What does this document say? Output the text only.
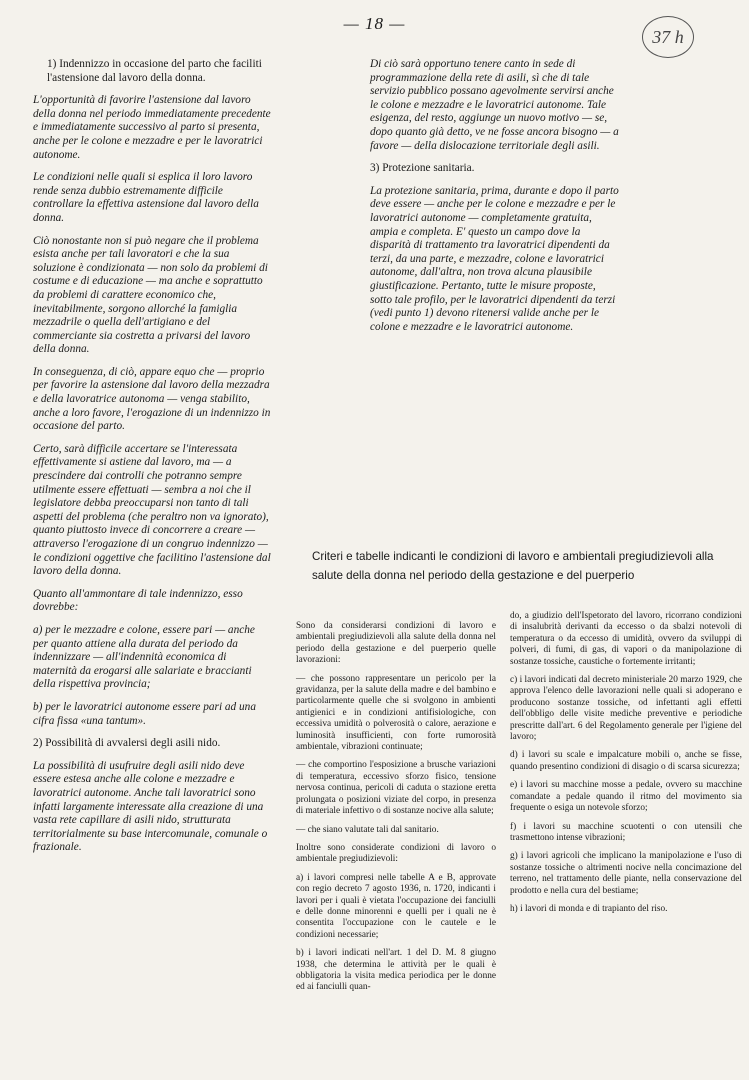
— 18 —
37 h

1) Indennizzo in occasione del parto che faciliti l'astensione dal lavoro della donna.

L'opportunità di favorire l'astensione dal lavoro della donna nel periodo immediatamente precedente e immediatamente successivo al parto si presenta, anche per le colone e mezzadre e per le lavoratrici autonome.

Le condizioni nelle quali si esplica il loro lavoro rende senza dubbio estremamente difficile controllare la effettiva astensione dal lavoro della donna.

Ciò nonostante non si può negare che il problema esista anche per tali lavoratori e che la sua soluzione è condizionata — non solo da problemi di costume e di educazione — ma anche e soprattutto da problemi di carattere economico che, inevitabilmente, sorgono allorché la famiglia mezzadrile o quella dell'artigiano e del commerciante sia costretta a privarsi del lavoro della donna.

In conseguenza, di ciò, appare equo che — proprio per favorire la astensione dal lavoro della mezzadra e della lavoratrice autonoma — venga stabilito, anche a loro favore, l'erogazione di un indennizzo in occasione del parto.

Certo, sarà difficile accertare se l'interessata effettivamente si astiene dal lavoro, ma — a prescindere dai controlli che potranno sempre utilmente essere effettuati — sembra a noi che il legislatore debba preoccuparsi non tanto di tali aspetti del problema (che peraltro non va ignorato), quanto piuttosto invece di concorrere a creare — attraverso l'erogazione di un congruo indennizzo — le condizioni oggettive che facilitino l'astensione dal lavoro della donna.

Quanto all'ammontare di tale indennizzo, esso dovrebbe:

a) per le mezzadre e colone, essere pari — anche per quanto attiene alla durata del periodo da indennizzare — all'indennità economica di maternità da erogarsi alle salariate e braccianti della rispettiva provincia;

b) per le lavoratrici autonome essere pari ad una cifra fissa «una tantum».

2) Possibilità di avvalersi degli asili nido.

La possibilità di usufruire degli asili nido deve essere estesa anche alle colone e mezzadre e lavoratrici autonome. Anche tali lavoratrici sono infatti largamente interessate alla creazione di una vasta rete capillare di asili nido, strutturata territorialmente su base intercomunale, comunale o frazionale.

Di ciò sarà opportuno tenere canto in sede di programmazione della rete di asili, sì che di tale servizio pubblico possano agevolmente servirsi anche le colone e mezzadre e le lavoratrici autonome. Tale esigenza, del resto, aggiunge un nuovo motivo — se, dopo quanto già detto, ve ne fosse ancora bisogno — a favore — della dislocazione territoriale degli asili.

3) Protezione sanitaria.

La protezione sanitaria, prima, durante e dopo il parto deve essere — anche per le colone e mezzadre e per le lavoratrici autonome — completamente gratuita, ampia e completa. E' questo un campo dove la disparità di trattamento tra lavoratrici dipendenti da terzi, da una parte, e mezzadre, colone e lavoratrici autonome, dall'altra, non trova alcuna plausibile giustificazione. Pertanto, tutte le misure proposte, sotto tale profilo, per le lavoratrici dipendenti da terzi (vedi punto 1) devono ritenersi valide anche per le colone e mezzadre e le lavoratrici autonome.

Criteri e tabelle indicanti le condizioni di lavoro e ambientali pregiudizievoli alla salute della donna nel periodo della gestazione e del puerperio

Sono da considerarsi condizioni di lavoro e ambientali pregiudizievoli alla salute della donna nel periodo della gestazione e del puerperio quelle lavorazioni:

— che possono rappresentare un pericolo per la gravidanza, per la salute della madre e del bambino e particolarmente quelle che si svolgono in ambienti antigienici e in condizioni antifisiologiche, con eccessiva umidità o polverosità o calore, aerazione e luminosità insufficienti, con forte rumorosità ambientale, vibrazioni continuate;

— che comportino l'esposizione a brusche variazioni di temperatura, eccessivo sforzo fisico, tensione nervosa continua, pericoli di caduta o stazione eretta prolungata o posizioni viziate del corpo, in presenza di materiale infettivo o di sostanze nocive alla salute;

— che siano valutate tali dal sanitario.

Inoltre sono considerate condizioni di lavoro o ambientale pregiudizievoli:

a) i lavori compresi nelle tabelle A e B, approvate con regio decreto 7 agosto 1936, n. 1720, indicanti i lavori per i quali è vietata l'occupazione dei fanciulli e delle donne minorenni e quelli per i quali ne è consentita l'occupazione con le cautele e le condizioni necessarie;

b) i lavori indicati nell'art. 1 del D. M. 8 giugno 1938, che determina le attività per le quali è obbligatoria la visita medica periodica per le donne ed ai fanciulli quan-

do, a giudizio dell'Ispetorato del lavoro, ricorrano condizioni di insalubrità derivanti da eccesso o da sbalzi notevoli di temperatura o da eccesso di umidità, ovvero da sviluppi di polveri, di fumi, di gas, di vapori o da manipolazione di sostanze tossiche, caustiche o fortemente irritanti;

c) i lavori indicati dal decreto ministeriale 20 marzo 1929, che approva l'elenco delle lavorazioni nelle quali si adoperano e producono sostanze tossiche, od infettanti agli effetti dell'obbligo delle visite mediche preventive e periodiche prescritte dall'art. 6 del Regolamento generale per l'igiene del lavoro;

d) i lavori su scale e impalcature mobili o, anche se fisse, quando presentino condizioni di disagio o di scarsa sicurezza;

e) i lavori su macchine mosse a pedale, ovvero su macchine comandate a pedale quando il ritmo del movimento sia frequente o esiga un notevole sforzo;

f) i lavori su macchine scuotenti o con utensili che trasmettono intense vibrazioni;

g) i lavori agricoli che implicano la manipolazione e l'uso di sostanze tossiche o altrimenti nocive nella concimazione del terreno, nel trattamento delle piante, nella conservazione del prodotto e nella cura del bestiame;

h) i lavori di monda e di trapianto del riso.
